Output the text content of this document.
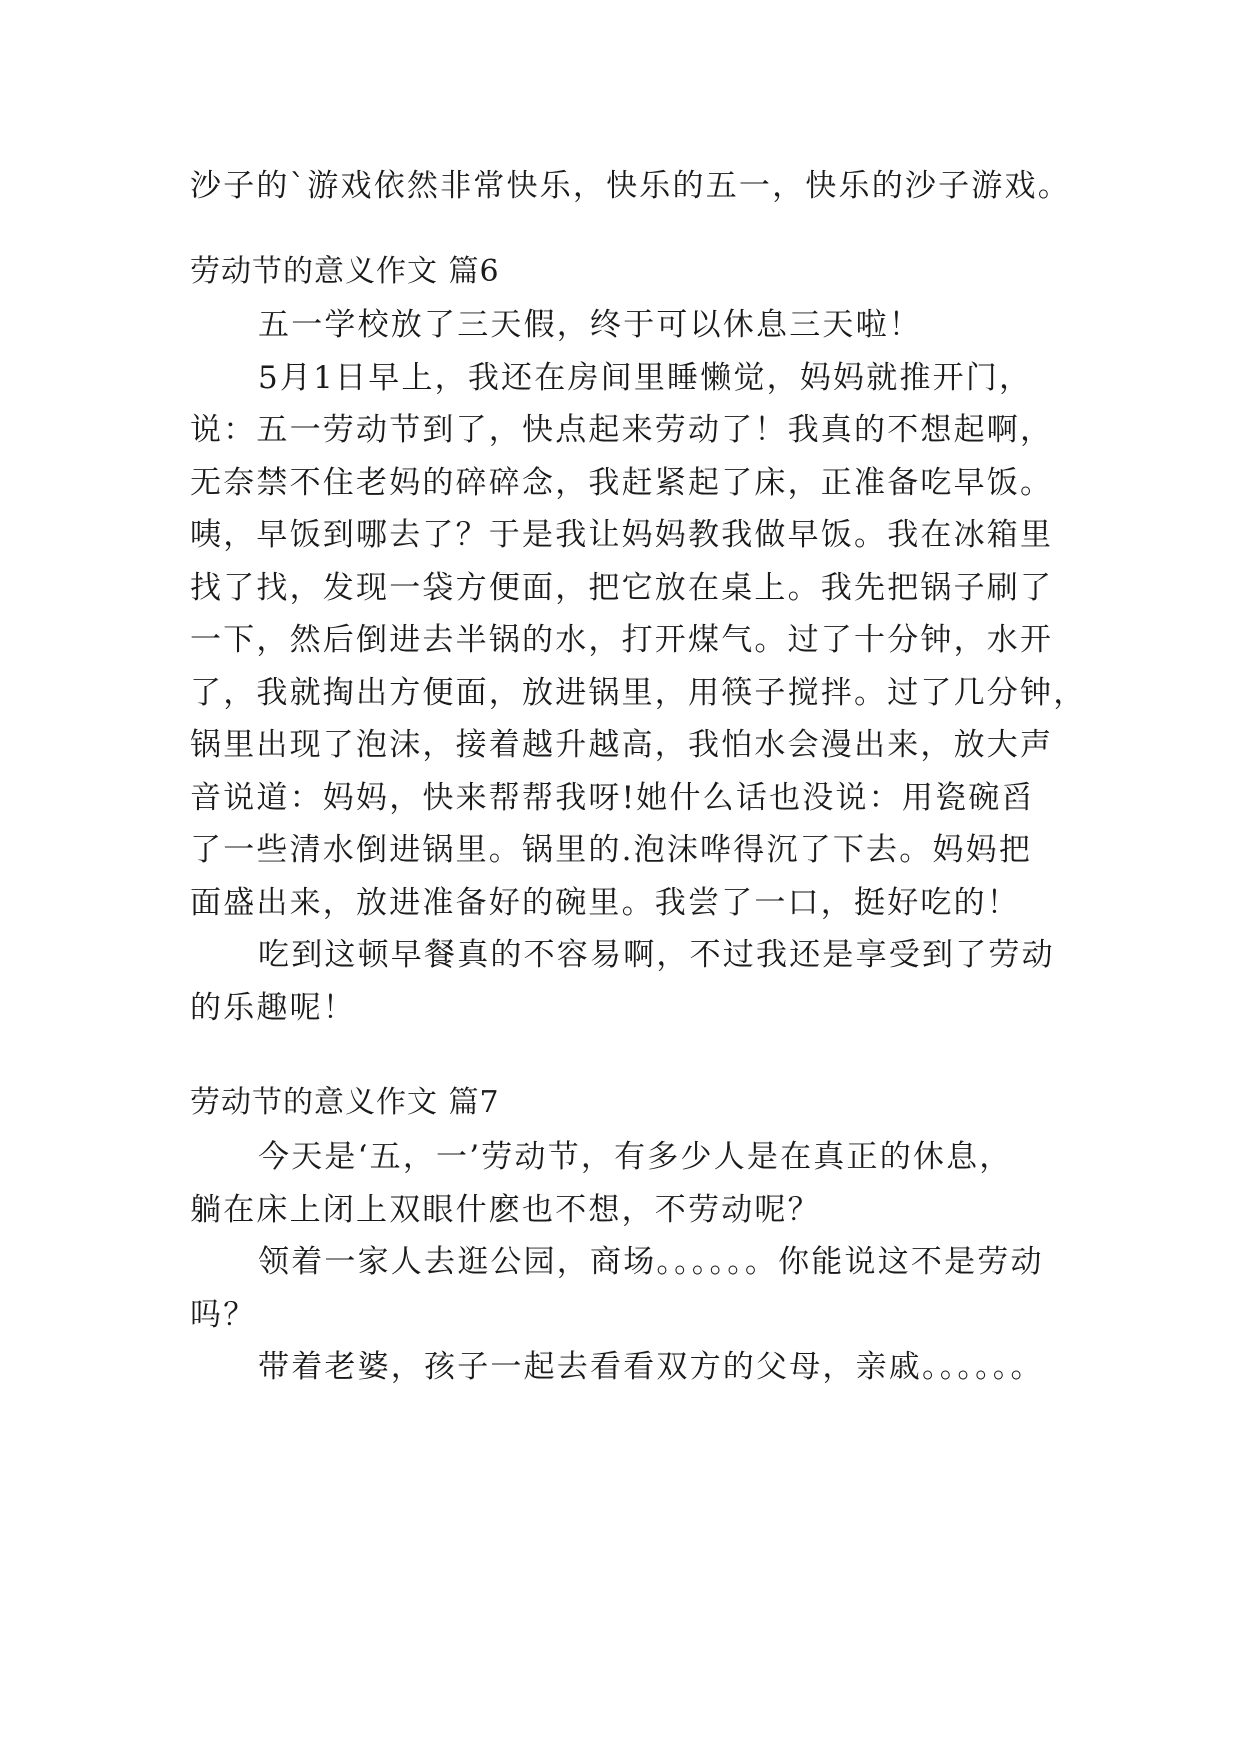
沙子的`游戏依然非常快乐，快乐的五一，快乐的沙子游戏。
劳动节的意义作文 篇6
五一学校放了三天假，终于可以休息三天啦！
5月1日早上，我还在房间里睡懒觉，妈妈就推开门，
说：五一劳动节到了，快点起来劳动了！我真的不想起啊，
无奈禁不住老妈的碎碎念，我赶紧起了床，正准备吃早饭。
咦，早饭到哪去了？于是我让妈妈教我做早饭。我在冰箱里
找了找，发现一袋方便面，把它放在桌上。我先把锅子刷了
一下，然后倒进去半锅的水，打开煤气。过了十分钟，水开
了，我就掏出方便面，放进锅里，用筷子搅拌。过了几分钟，
锅里出现了泡沫，接着越升越高，我怕水会漫出来，放大声
音说道：妈妈，快来帮帮我呀!她什么话也没说：用瓷碗舀
了一些清水倒进锅里。锅里的.泡沫哗得沉了下去。妈妈把
面盛出来，放进准备好的碗里。我尝了一口，挺好吃的！
吃到这顿早餐真的不容易啊，不过我还是享受到了劳动
的乐趣呢！
劳动节的意义作文 篇7
今天是‘五，一’劳动节，有多少人是在真正的休息，
躺在床上闭上双眼什麽也不想，不劳动呢？
领着一家人去逛公园，商场。。。。。。你能说这不是劳动
吗？
带着老婆，孩子一起去看看双方的父母，亲戚。。。。。。
